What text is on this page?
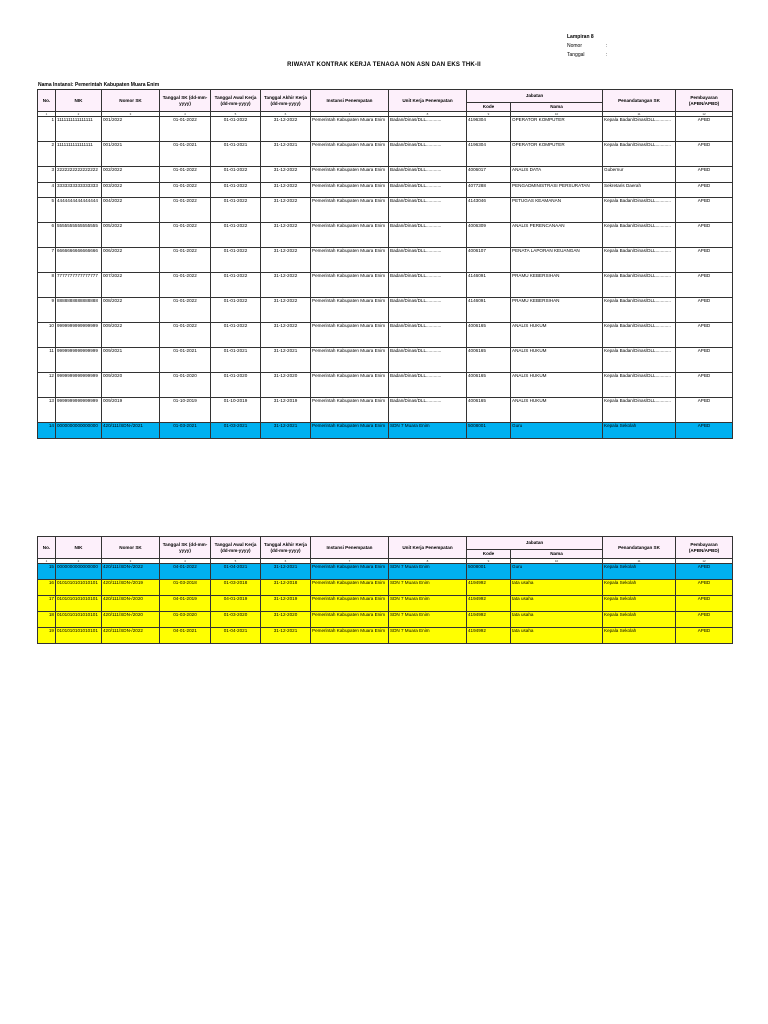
Lampiran 8
Nomor	:
Tanggal	:
RIWAYAT KONTRAK KERJA TENAGA NON ASN DAN EKS THK-II
Nama Instansi: Pemerintah Kabupaten Muara Enim
No.	NIK	Nomor SK	Tanggal SK (dd-mm-yyyy)	Tanggal Awal Kerja (dd-mm-yyyy)	Tanggal Akhir Kerja (dd-mm-yyyy)	Instansi Penempatan	Unit Kerja Penempatan	Jabatan		Penandatangan SK	Pembayaran (APBN/APBD)
								Kode	Nama		
1	2	3	4	5	6	7	8	9	10	11	12
1	1111111111111111	001/2022	01-01-2022	01-01-2022	31-12-2022	Pemerintah Kabupaten Muara Enim	Badan/Dinas/DLL............	4196304	OPERATOR KOMPUTER	Kepala Badan/Dinas/DLL............	APBD
2	1111111111111111	001/2021	01-01-2021	01-01-2021	31-12-2021	Pemerintah Kabupaten Muara Enim	Badan/Dinas/DLL............	4196304	OPERATOR KOMPUTER	Kepala Badan/Dinas/DLL............	APBD
3	2222222222222222	002/2022	01-01-2022	01-01-2022	31-12-2022	Pemerintah Kabupaten Muara Enim	Badan/Dinas/DLL............	4006017	ANALIS DATA	Gubernur	APBD
4	3333333333333333	003/2022	01-01-2022	01-01-2022	31-12-2022	Pemerintah Kabupaten Muara Enim	Badan/Dinas/DLL............	4077288	PENGADMINISTRASI PERSURATAN	Sekretaris Daerah	APBD
5	4444444444444444	004/2022	01-01-2022	01-01-2022	31-12-2022	Pemerintah Kabupaten Muara Enim	Badan/Dinas/DLL............	4143046	PETUGAS KEAMANAN	Kepala Badan/Dinas/DLL............	APBD
6	5555555555555555	005/2022	01-01-2022	01-01-2022	31-12-2022	Pemerintah Kabupaten Muara Enim	Badan/Dinas/DLL............	4006309	ANALIS PERENCANAAN	Kepala Badan/Dinas/DLL............	APBD
7	6666666666666666	006/2022	01-01-2022	01-01-2022	31-12-2022	Pemerintah Kabupaten Muara Enim	Badan/Dinas/DLL............	4006107	PENATA LAPORAN KEUANGAN	Kepala Badan/Dinas/DLL............	APBD
8	7777777777777777	007/2022	01-01-2022	01-01-2022	31-12-2022	Pemerintah Kabupaten Muara Enim	Badan/Dinas/DLL............	4146091	PRAMU KEBERSIHAN	Kepala Badan/Dinas/DLL............	APBD
9	8888888888888888	008/2022	01-01-2022	01-01-2022	31-12-2022	Pemerintah Kabupaten Muara Enim	Badan/Dinas/DLL............	4146091	PRAMU KEBERSIHAN	Kepala Badan/Dinas/DLL............	APBD
10	9999999999999999	009/2022	01-01-2022	01-01-2022	31-12-2022	Pemerintah Kabupaten Muara Enim	Badan/Dinas/DLL............	4006165	ANALIS HUKUM	Kepala Badan/Dinas/DLL............	APBD
11	9999999999999999	009/2021	01-01-2021	01-01-2021	31-12-2021	Pemerintah Kabupaten Muara Enim	Badan/Dinas/DLL............	4006165	ANALIS HUKUM	Kepala Badan/Dinas/DLL............	APBD
12	9999999999999999	009/2020	01-01-2020	01-01-2020	31-12-2020	Pemerintah Kabupaten Muara Enim	Badan/Dinas/DLL............	4006165	ANALIS HUKUM	Kepala Badan/Dinas/DLL............	APBD
13	9999999999999999	009/2019	01-10-2019	01-10-2019	31-12-2019	Pemerintah Kabupaten Muara Enim	Badan/Dinas/DLL............	4006165	ANALIS HUKUM	Kepala Badan/Dinas/DLL............	APBD
14	0000000000000000	420/111/SDN-/2021	01-03-2021	01-03-2021	31-12-2021	Pemerintah Kabupaten Muara Enim	SDN 7 Muara Enim	5008001	Guru	Kepala Sekolah	APBD
No.	NIK	Nomor SK	Tanggal SK (dd-mm-yyyy)	Tanggal Awal Kerja (dd-mm-yyyy)	Tanggal Akhir Kerja (dd-mm-yyyy)	Instansi Penempatan	Unit Kerja Penempatan	Jabatan		Penandatangan SK	Pembayaran (APBN/APBD)
								Kode	Nama		
1	2	3	4	5	6	7	8	9	10	11	12
15	0000000000000000	420/111/SDN-/2022	04-01-2022	01-04-2021	31-12-2021	Pemerintah Kabupaten Muara Enim	SDN 7 Muara Enim	5008001	Guru	Kepala Sekolah	APBD
16	0101010101010101	420/111/SDN-/2019	01-03-2018	01-03-2018	31-12-2018	Pemerintah Kabupaten Muara Enim	SDN 7 Muara Enim	4194992	tata usaha	Kepala Sekolah	APBD
17	0101010101010101	420/111/SDN-/2020	04-01-2019	04-01-2019	31-12-2019	Pemerintah Kabupaten Muara Enim	SDN 7 Muara Enim	4194992	tata usaha	Kepala Sekolah	APBD
18	0101010101010101	420/111/SDN-/2020	01-03-2020	01-03-2020	31-12-2020	Pemerintah Kabupaten Muara Enim	SDN 7 Muara Enim	4194992	tata usaha	Kepala Sekolah	APBD
19	0101010101010101	420/111/SDN-/2022	04-01-2021	01-04-2021	31-12-2021	Pemerintah Kabupaten Muara Enim	SDN 7 Muara Enim	4194992	tata usaha	Kepala Sekolah	APBD
